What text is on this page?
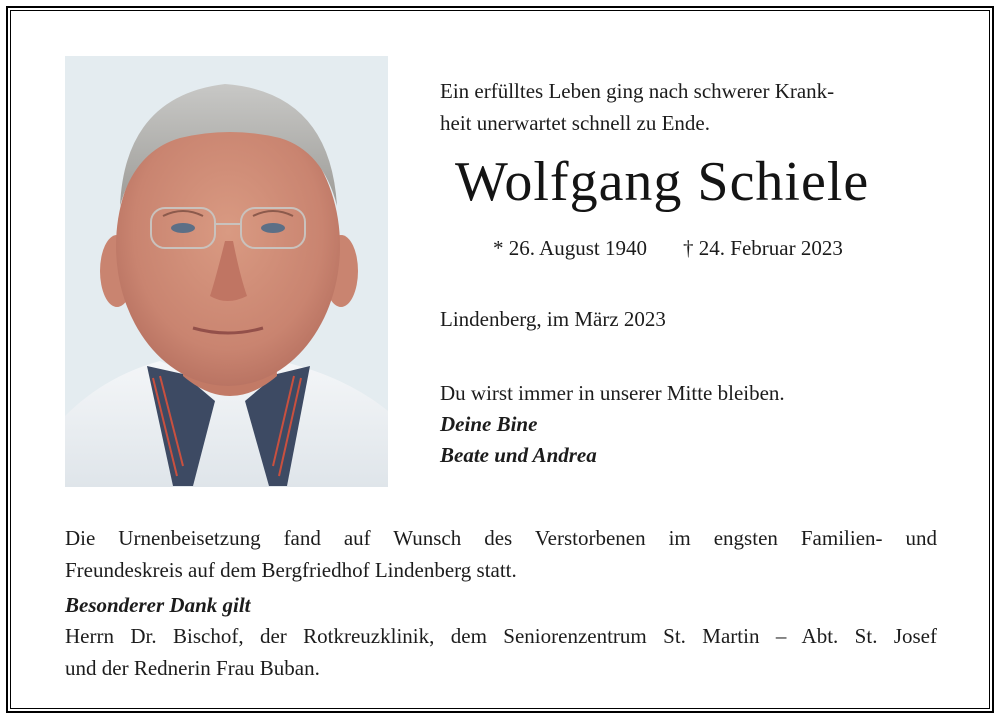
Ein erfülltes Leben ging nach schwerer Krank-
heit unerwartet schnell zu Ende.
Wolfgang Schiele
* 26. August 1940 † 24. Februar 2023
Lindenberg, im März 2023
Du wirst immer in unserer Mitte bleiben.
Deine Bine
Beate und Andrea
Die Urnenbeisetzung fand auf Wunsch des Verstorbenen im engsten Familien- und
Freundeskreis auf dem Bergfriedhof Lindenberg statt.
Besonderer Dank gilt
Herrn Dr. Bischof, der Rotkreuzklinik, dem Seniorenzentrum St. Martin – Abt. St. Josef
und der Rednerin Frau Buban.
